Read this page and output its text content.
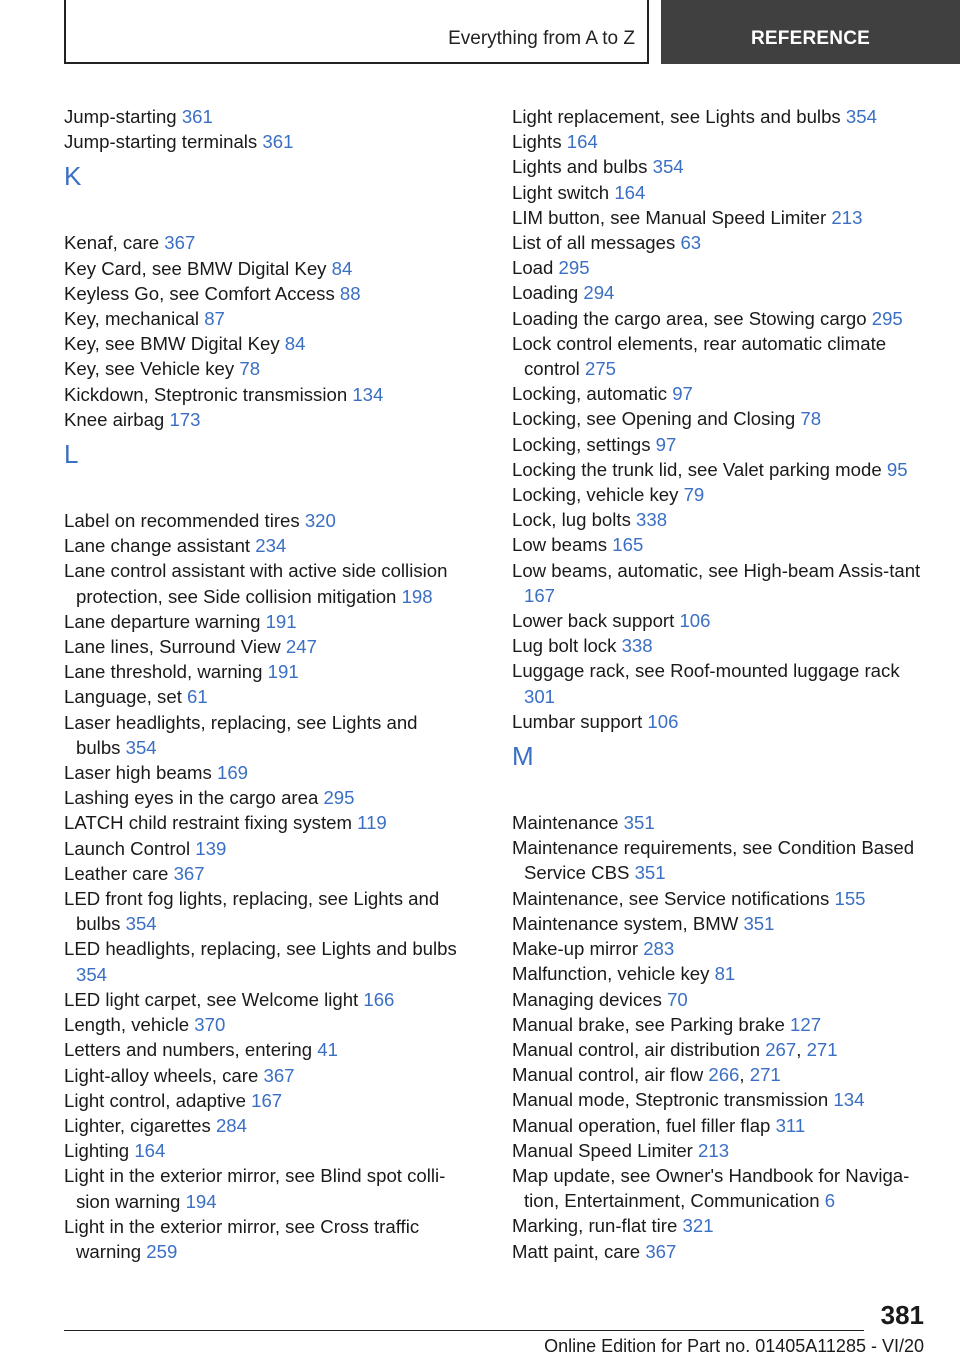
Everything from A to Z	REFERENCE
Jump-starting 361
Jump-starting terminals 361
K
Kenaf, care 367
Key Card, see BMW Digital Key 84
Keyless Go, see Comfort Access 88
Key, mechanical 87
Key, see BMW Digital Key 84
Key, see Vehicle key 78
Kickdown, Steptronic transmission 134
Knee airbag 173
L
Label on recommended tires 320
Lane change assistant 234
Lane control assistant with active side collision protection, see Side collision mitigation 198
Lane departure warning 191
Lane lines, Surround View 247
Lane threshold, warning 191
Language, set 61
Laser headlights, replacing, see Lights and bulbs 354
Laser high beams 169
Lashing eyes in the cargo area 295
LATCH child restraint fixing system 119
Launch Control 139
Leather care 367
LED front fog lights, replacing, see Lights and bulbs 354
LED headlights, replacing, see Lights and bulbs 354
LED light carpet, see Welcome light 166
Length, vehicle 370
Letters and numbers, entering 41
Light-alloy wheels, care 367
Light control, adaptive 167
Lighter, cigarettes 284
Lighting 164
Light in the exterior mirror, see Blind spot colli-sion warning 194
Light in the exterior mirror, see Cross traffic warning 259
Light replacement, see Lights and bulbs 354
Lights 164
Lights and bulbs 354
Light switch 164
LIM button, see Manual Speed Limiter 213
List of all messages 63
Load 295
Loading 294
Loading the cargo area, see Stowing cargo 295
Lock control elements, rear automatic climate control 275
Locking, automatic 97
Locking, see Opening and Closing 78
Locking, settings 97
Locking the trunk lid, see Valet parking mode 95
Locking, vehicle key 79
Lock, lug bolts 338
Low beams 165
Low beams, automatic, see High-beam Assis-tant 167
Lower back support 106
Lug bolt lock 338
Luggage rack, see Roof-mounted luggage rack 301
Lumbar support 106
M
Maintenance 351
Maintenance requirements, see Condition Based Service CBS 351
Maintenance, see Service notifications 155
Maintenance system, BMW 351
Make-up mirror 283
Malfunction, vehicle key 81
Managing devices 70
Manual brake, see Parking brake 127
Manual control, air distribution 267, 271
Manual control, air flow 266, 271
Manual mode, Steptronic transmission 134
Manual operation, fuel filler flap 311
Manual Speed Limiter 213
Map update, see Owner's Handbook for Naviga-tion, Entertainment, Communication 6
Marking, run-flat tire 321
Matt paint, care 367
381
Online Edition for Part no. 01405A11285 - VI/20
